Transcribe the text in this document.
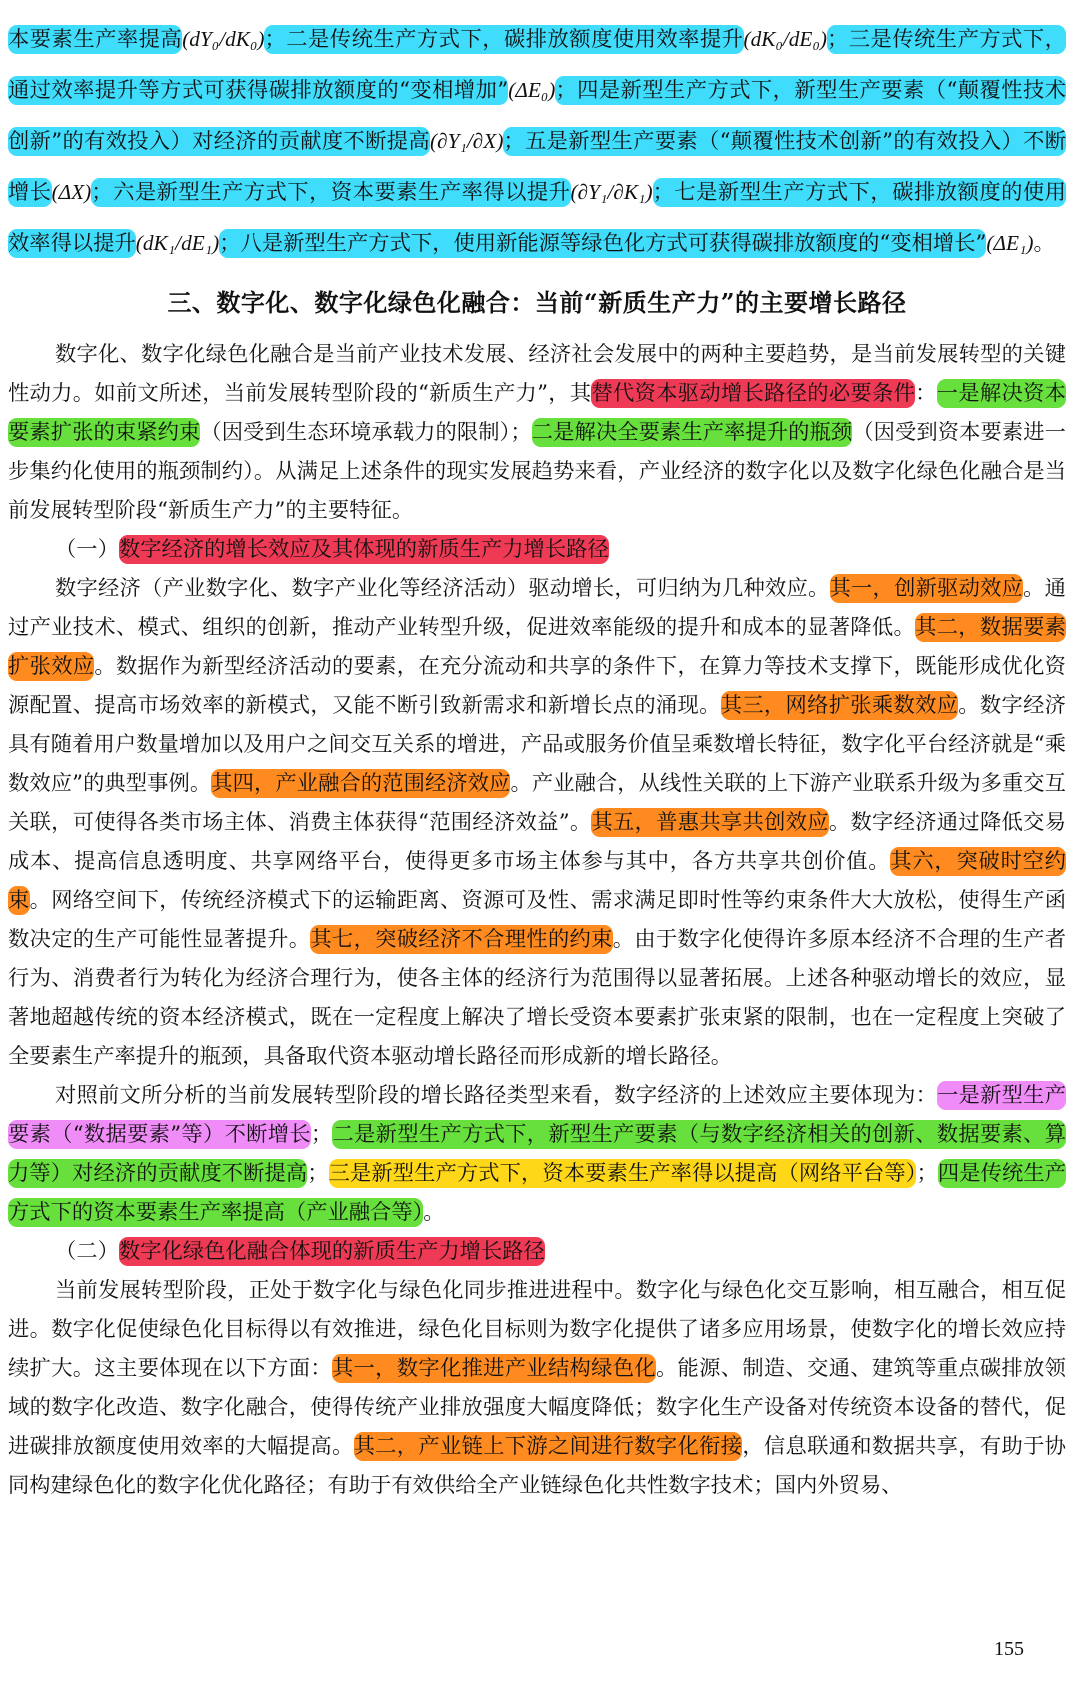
本要素生产率提高(dY₀/dK₀)；二是传统生产方式下，碳排放额度使用效率提升(dK₀/dE₀)；三是传统生产方式下，通过效率提升等方式可获得碳排放额度的“变相增加”(ΔE₀)；四是新型生产方式下，新型生产要素（“颠覆性技术创新”的有效投入）对经济的贡献度不断提高(∂Y₁/∂X)；五是新型生产要素（“颠覆性技术创新”的有效投入）不断增长(ΔX)；六是新型生产方式下，资本要素生产率得以提升(∂Y₁/∂K₁)；七是新型生产方式下，碳排放额度的使用效率得以提升(dK₁/dE₁)；八是新型生产方式下，使用新能源等绿色化方式可获得碳排放额度的“变相增长”(ΔE₁)。

三、数字化、数字化绿色化融合：当前“新质生产力”的主要增长路径

数字化、数字化绿色化融合是当前产业技术发展、经济社会发展中的两种主要趋势，是当前发展转型的关键性动力。如前文所述，当前发展转型阶段的“新质生产力”，其替代资本驱动增长路径的必要条件：一是解决资本要素扩张的束紧约束（因受到生态环境承载力的限制）；二是解决全要素生产率提升的瓶颈（因受到资本要素进一步集约化使用的瓶颈制约）。从满足上述条件的现实发展趋势来看，产业经济的数字化以及数字化绿色化融合是当前发展转型阶段“新质生产力”的主要特征。

（一）数字经济的增长效应及其体现的新质生产力增长路径

数字经济（产业数字化、数字产业化等经济活动）驱动增长，可归纳为几种效应。其一，创新驱动效应。通过产业技术、模式、组织的创新，推动产业转型升级，促进效率能级的提升和成本的显著降低。其二，数据要素扩张效应。数据作为新型经济活动的要素，在充分流动和共享的条件下，在算力等技术支撑下，既能形成优化资源配置、提高市场效率的新模式，又能不断引致新需求和新增长点的涌现。其三，网络扩张乘数效应。数字经济具有随着用户数量增加以及用户之间交互关系的增进，产品或服务价值呈乘数增长特征，数字化平台经济就是“乘数效应”的典型事例。其四，产业融合的范围经济效应。产业融合，从线性关联的上下游产业联系升级为多重交互关联，可使得各类市场主体、消费主体获得“范围经济效益”。其五，普惠共享共创效应。数字经济通过降低交易成本、提高信息透明度、共享网络平台，使得更多市场主体参与其中，各方共享共创价值。其六，突破时空约束。网络空间下，传统经济模式下的运输距离、资源可及性、需求满足即时性等约束条件大大放松，使得生产函数决定的生产可能性显著提升。其七，突破经济不合理性的约束。由于数字化使得许多原本经济不合理的生产者行为、消费者行为转化为经济合理行为，使各主体的经济行为范围得以显著拓展。上述各种驱动增长的效应，显著地超越传统的资本经济模式，既在一定程度上解决了增长受资本要素扩张束紧的限制，也在一定程度上突破了全要素生产率提升的瓶颈，具备取代资本驱动增长路径而形成新的增长路径。

对照前文所分析的当前发展转型阶段的增长路径类型来看，数字经济的上述效应主要体现为：一是新型生产要素（“数据要素”等）不断增长；二是新型生产方式下，新型生产要素（与数字经济相关的创新、数据要素、算力等）对经济的贡献度不断提高；三是新型生产方式下，资本要素生产率得以提高（网络平台等）；四是传统生产方式下的资本要素生产率提高（产业融合等）。

（二）数字化绿色化融合体现的新质生产力增长路径

当前发展转型阶段，正处于数字化与绿色化同步推进进程中。数字化与绿色化交互影响，相互融合，相互促进。数字化促使绿色化目标得以有效推进，绿色化目标则为数字化提供了诸多应用场景，使数字化的增长效应持续扩大。这主要体现在以下方面：其一，数字化推进产业结构绿色化。能源、制造、交通、建筑等重点碳排放领域的数字化改造、数字化融合，使得传统产业排放强度大幅度降低；数字化生产设备对传统资本设备的替代，促进碳排放额度使用效率的大幅提高。其二，产业链上下游之间进行数字化衔接，信息联通和数据共享，有助于协同构建绿色化的数字化优化路径；有助于有效供给全产业链绿色化共性数字技术；国内外贸易、

155
